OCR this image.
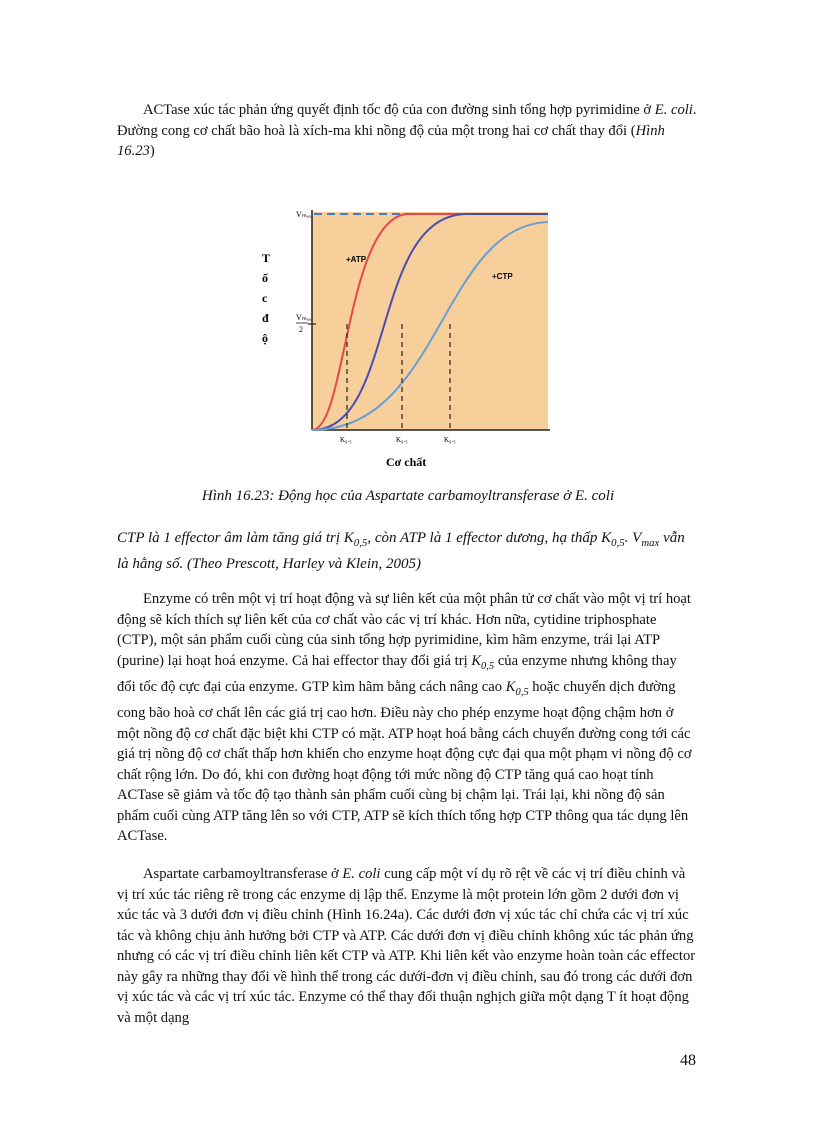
ACTase xúc tác phản ứng quyết định tốc độ của con đường sinh tổng hợp pyrimidine ở E. coli. Đường cong cơ chất bão hoà là xích-ma khi nồng độ của một trong hai cơ chất thay đổi (Hình 16.23)

Vₘₐₓ
Vₘₐₓ
2
T
ố
c
đ
ộ
+ATP
+CTP
K₀.₅	K₀.₅	K₀.₅
Cơ chất

Hình 16.23: Động học của Aspartate carbamoyltransferase ở E. coli

CTP là 1 effector âm làm tăng giá trị $K_{0,5}$, còn ATP là 1 effector dương, hạ thấp $K_{0,5}$. $V_{max}$ vẫn là hằng số. (Theo Prescott, Harley và Klein, 2005)

Enzyme có trên một vị trí hoạt động và sự liên kết của một phân tử cơ chất vào một vị trí hoạt động sẽ kích thích sự liên kết của cơ chất vào các vị trí khác. Hơn nữa, cytidine triphosphate (CTP), một sản phẩm cuối cùng của sinh tổng hợp pyrimidine, kìm hãm enzyme, trái lại ATP (purine) lại hoạt hoá enzyme. Cả hai effector thay đổi giá trị $K_{0,5}$ của enzyme nhưng không thay đổi tốc độ cực đại của enzyme. GTP kìm hãm bằng cách nâng cao $K_{0,5}$ hoặc chuyển dịch đường cong bão hoà cơ chất lên các giá trị cao hơn. Điều này cho phép enzyme hoạt động chậm hơn ở một nồng độ cơ chất đặc biệt khi CTP có mặt. ATP hoạt hoá bằng cách chuyển đường cong tới các giá trị nồng độ cơ chất thấp hơn khiến cho enzyme hoạt động cực đại qua một phạm vi nồng độ cơ chất rộng lớn. Do đó, khi con đường hoạt động tới mức nồng độ CTP tăng quá cao hoạt tính ACTase sẽ giảm và tốc độ tạo thành sản phẩm cuối cùng bị chậm lại. Trái lại, khi nồng độ sản phẩm cuối cùng ATP tăng lên so với CTP, ATP sẽ kích thích tổng hợp CTP thông qua tác dụng lên ACTase.

Aspartate carbamoyltransferase ở E. coli cung cấp một ví dụ rõ rệt về các vị trí điều chỉnh và vị trí xúc tác riêng rẽ trong các enzyme dị lập thể. Enzyme là một protein lớn gồm 2 dưới đơn vị xúc tác và 3 dưới đơn vị điều chỉnh (Hình 16.24a). Các dưới đơn vị xúc tác chỉ chứa các vị trí xúc tác và không chịu ảnh hưởng bởi CTP và ATP. Các dưới đơn vị điều chỉnh không xúc tác phản ứng nhưng có các vị trí điều chỉnh liên kết CTP và ATP. Khi liên kết vào enzyme hoàn toàn các effector này gây ra những thay đổi về hình thể trong các dưới-đơn vị điều chỉnh, sau đó trong các dưới đơn vị xúc tác và các vị trí xúc tác. Enzyme có thể thay đổi thuận nghịch giữa một dạng T ít hoạt động và một dạng

48
